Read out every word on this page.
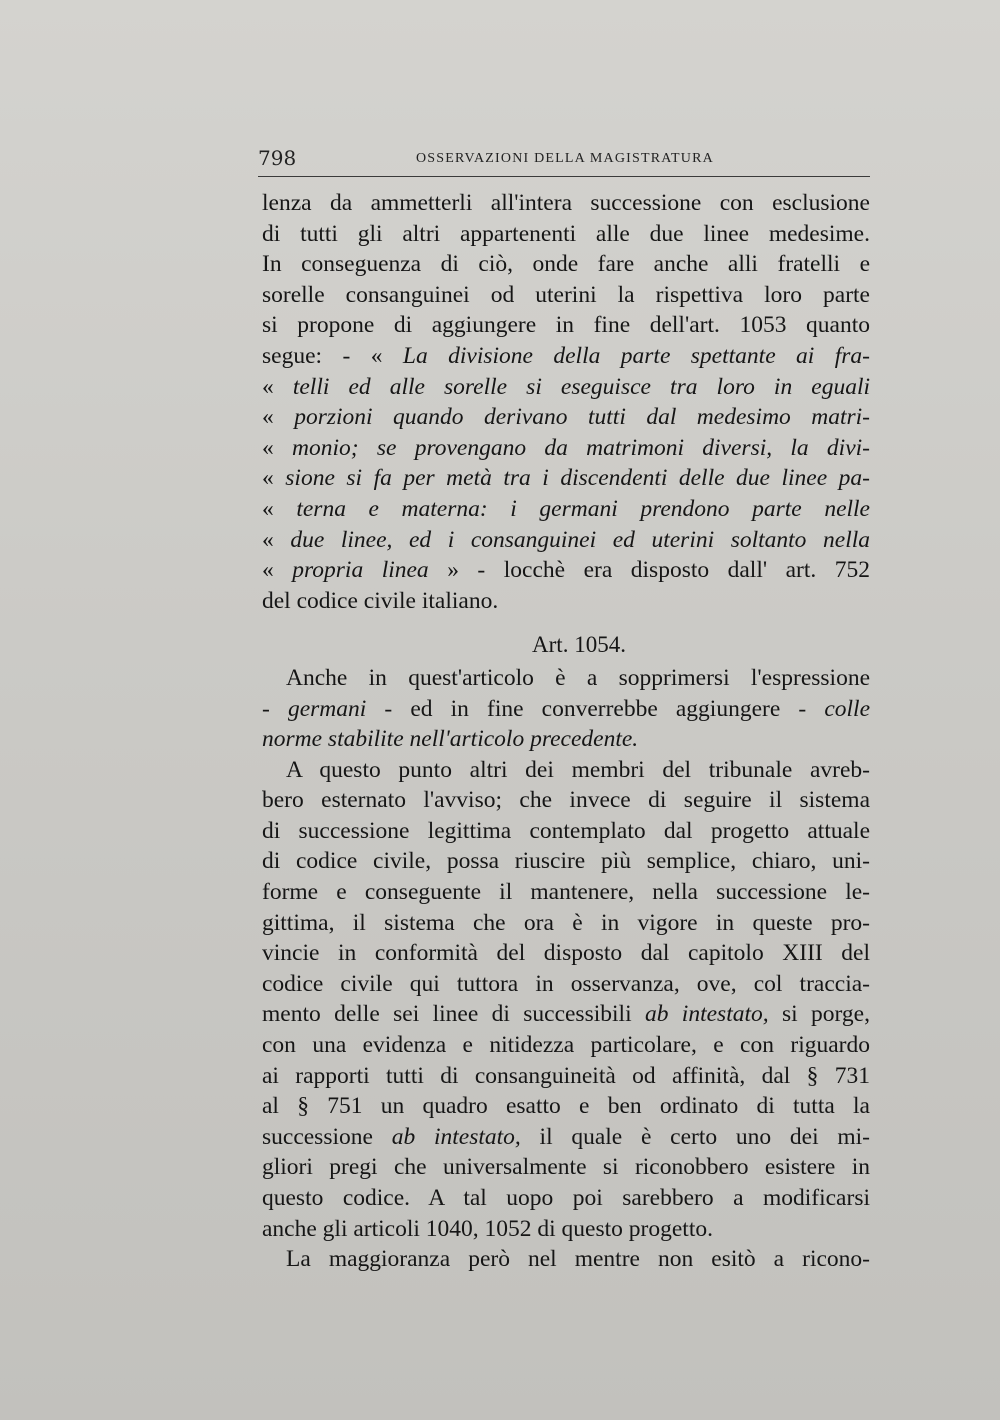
798	OSSERVAZIONI DELLA MAGISTRATURA
lenza da ammetterli all'intera successione con esclusione
di tutti gli altri appartenenti alle due linee medesime.
In conseguenza di ciò, onde fare anche alli fratelli e
sorelle consanguinei od uterini la rispettiva loro parte
si propone di aggiungere in fine dell'art. 1053 quanto
segue: - « La divisione della parte spettante ai fra-
« telli ed alle sorelle si eseguisce tra loro in eguali
« porzioni quando derivano tutti dal medesimo matri-
« monio; se provengano da matrimoni diversi, la divi-
« sione si fa per metà tra i discendenti delle due linee pa-
« terna e materna: i germani prendono parte nelle
« due linee, ed i consanguinei ed uterini soltanto nella
« propria linea » - locchè era disposto dall' art. 752
del codice civile italiano.
Art. 1054.
Anche in quest'articolo è a sopprimersi l'espressione
- germani - ed in fine converrebbe aggiungere - colle
norme stabilite nell'articolo precedente.
A questo punto altri dei membri del tribunale avreb-
bero esternato l'avviso; che invece di seguire il sistema
di successione legittima contemplato dal progetto attuale
di codice civile, possa riuscire più semplice, chiaro, uni-
forme e conseguente il mantenere, nella successione le-
gittima, il sistema che ora è in vigore in queste pro-
vincie in conformità del disposto dal capitolo XIII del
codice civile qui tuttora in osservanza, ove, col traccia-
mento delle sei linee di successibili ab intestato, si porge,
con una evidenza e nitidezza particolare, e con riguardo
ai rapporti tutti di consanguineità od affinità, dal § 731
al § 751 un quadro esatto e ben ordinato di tutta la
successione ab intestato, il quale è certo uno dei mi-
gliori pregi che universalmente si riconobbero esistere in
questo codice. A tal uopo poi sarebbero a modificarsi
anche gli articoli 1040, 1052 di questo progetto.
La maggioranza però nel mentre non esitò a ricono-
